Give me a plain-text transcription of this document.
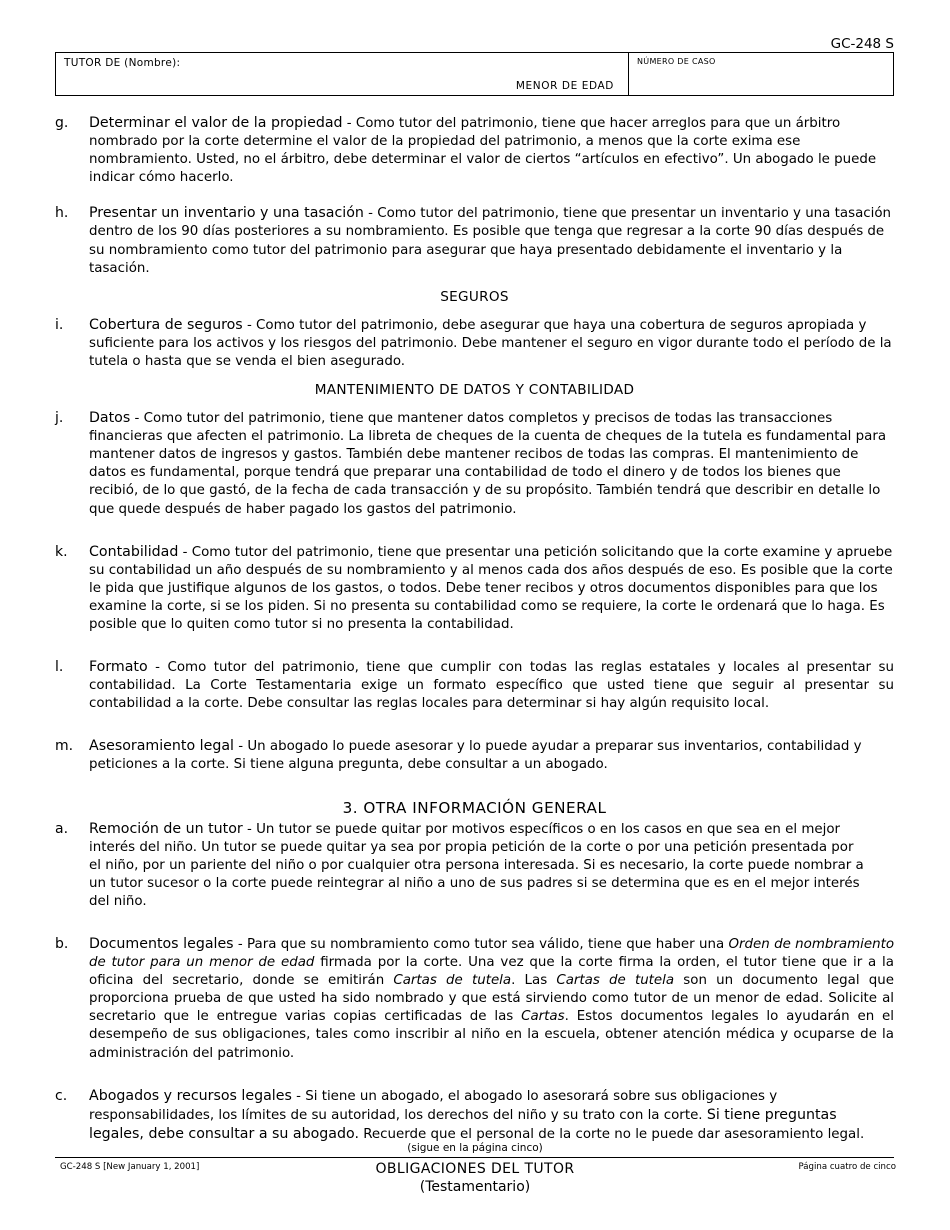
GC-248 S
TUTOR DE (Nombre):
MENOR DE EDAD
NÚMERO DE CASO
g. Determinar el valor de la propiedad - Como tutor del patrimonio, tiene que hacer arreglos para que un árbitro nombrado por la corte determine el valor de la propiedad del patrimonio, a menos que la corte exima ese nombramiento. Usted, no el árbitro, debe determinar el valor de ciertos “artículos en efectivo”. Un abogado le puede indicar cómo hacerlo.
h. Presentar un inventario y una tasación - Como tutor del patrimonio, tiene que presentar un inventario y una tasación dentro de los 90 días posteriores a su nombramiento. Es posible que tenga que regresar a la corte 90 días después de su nombramiento como tutor del patrimonio para asegurar que haya presentado debidamente el inventario y la tasación.
SEGUROS
i. Cobertura de seguros - Como tutor del patrimonio, debe asegurar que haya una cobertura de seguros apropiada y suficiente para los activos y los riesgos del patrimonio. Debe mantener el seguro en vigor durante todo el período de la tutela o hasta que se venda el bien asegurado.
MANTENIMIENTO DE DATOS Y CONTABILIDAD
j. Datos - Como tutor del patrimonio, tiene que mantener datos completos y precisos de todas las transacciones financieras que afecten el patrimonio. La libreta de cheques de la cuenta de cheques de la tutela es fundamental para mantener datos de ingresos y gastos. También debe mantener recibos de todas las compras. El mantenimiento de datos es fundamental, porque tendrá que preparar una contabilidad de todo el dinero y de todos los bienes que recibió, de lo que gastó, de la fecha de cada transacción y de su propósito. También tendrá que describir en detalle lo que quede después de haber pagado los gastos del patrimonio.
k. Contabilidad - Como tutor del patrimonio, tiene que presentar una petición solicitando que la corte examine y apruebe su contabilidad un año después de su nombramiento y al menos cada dos años después de eso. Es posible que la corte le pida que justifique algunos de los gastos, o todos. Debe tener recibos y otros documentos disponibles para que los examine la corte, si se los piden. Si no presenta su contabilidad como se requiere, la corte le ordenará que lo haga. Es posible que lo quiten como tutor si no presenta la contabilidad.
l. Formato - Como tutor del patrimonio, tiene que cumplir con todas las reglas estatales y locales al presentar su contabilidad. La Corte Testamentaria exige un formato específico que usted tiene que seguir al presentar su contabilidad a la corte. Debe consultar las reglas locales para determinar si hay algún requisito local.
m. Asesoramiento legal - Un abogado lo puede asesorar y lo puede ayudar a preparar sus inventarios, contabilidad y peticiones a la corte. Si tiene alguna pregunta, debe consultar a un abogado.
3. OTRA INFORMACIÓN GENERAL
a. Remoción de un tutor - Un tutor se puede quitar por motivos específicos o en los casos en que sea en el mejor interés del niño. Un tutor se puede quitar ya sea por propia petición de la corte o por una petición presentada por el niño, por un pariente del niño o por cualquier otra persona interesada. Si es necesario, la corte puede nombrar a un tutor sucesor o la corte puede reintegrar al niño a uno de sus padres si se determina que es en el mejor interés del niño.
b. Documentos legales - Para que su nombramiento como tutor sea válido, tiene que haber una Orden de nombramiento de tutor para un menor de edad firmada por la corte. Una vez que la corte firma la orden, el tutor tiene que ir a la oficina del secretario, donde se emitirán Cartas de tutela. Las Cartas de tutela son un documento legal que proporciona prueba de que usted ha sido nombrado y que está sirviendo como tutor de un menor de edad. Solicite al secretario que le entregue varias copias certificadas de las Cartas. Estos documentos legales lo ayudarán en el desempeño de sus obligaciones, tales como inscribir al niño en la escuela, obtener atención médica y ocuparse de la administración del patrimonio.
c. Abogados y recursos legales - Si tiene un abogado, el abogado lo asesorará sobre sus obligaciones y responsabilidades, los límites de su autoridad, los derechos del niño y su trato con la corte. Si tiene preguntas legales, debe consultar a su abogado. Recuerde que el personal de la corte no le puede dar asesoramiento legal.
(sigue en la página cinco)
GC-248 S [New January 1, 2001]	OBLIGACIONES DEL TUTOR
(Testamentario)
Página cuatro de cinco
